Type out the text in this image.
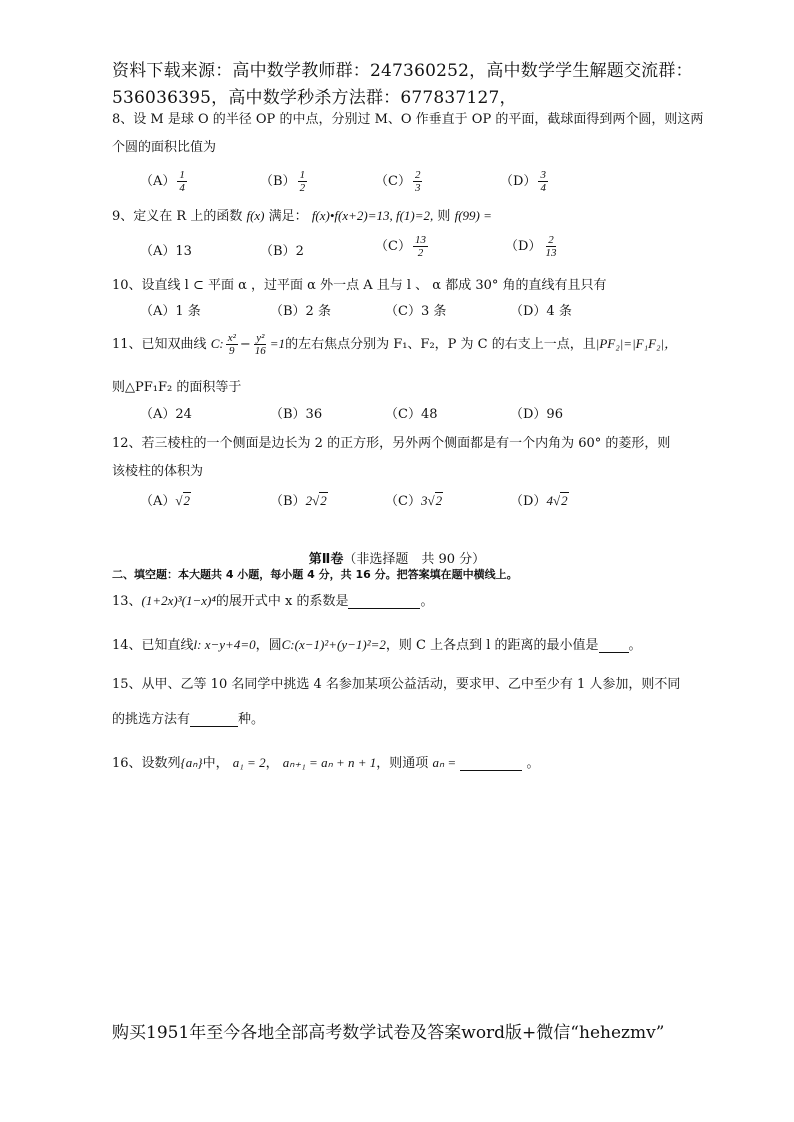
资料下载来源：高中数学教师群：247360252，高中数学学生解题交流群：
536036395，高中数学秒杀方法群：677837127，
8、设 M 是球 O 的半径 OP 的中点，分别过 M、O 作垂直于 OP 的平面，截球面得到两个圆，则这两
个圆的面积比值为
$(A) \frac{1}{4}$	$(B) \frac{1}{2}$	$(C) \frac{2}{3}$	$(D) \frac{3}{4}$
9、定义在 R 上的函数 f(x) 满足： f(x)•f(x+2)=13, f(1)=2, 则 f(99) =
（A）13	（B）2	$(C) \frac{13}{2}$	$(D) \frac{2}{13}$
10、设直线 l ⊂ 平面 α ，过平面 α 外一点 A 且与 l 、 α 都成 30° 角的直线有且只有
（A）1 条	（B）2 条	（C）3 条	（D）4 条
11、已知双曲线 C: $\frac{\text{x²}}{9} - \frac{\text{y²}}{16} =1$的左右焦点分别为 F₁、F₂，P 为 C 的右支上一点，且|PF₂|=|F₁F₂|，
则△PF₁F₂ 的面积等于
（A）24	（B）36	（C）48	（D）96
12、若三棱柱的一个侧面是边长为 2 的正方形，另外两个侧面都是有一个内角为 60° 的菱形，则
该棱柱的体积为
（A）√2	（B）2√2	（C）3√2	（D）4√2
第Ⅱ卷（非选择题　共 90 分）
二、填空题：本大题共 4 小题，每小题 4 分，共 16 分。把答案填在题中横线上。
13、(1+2x)³(1−x)⁴的展开式中 x 的系数是	。
14、已知直线l: x−y+4=0，圆C:(x−1)²+(y−1)²=2，则 C 上各点到 l 的距离的最小值是 。
15、从甲、乙等 10 名同学中挑选 4 名参加某项公益活动，要求甲、乙中至少有 1 人参加，则不同
的挑选方法有	种。
16、设数列{aₙ}中， a₁ = 2， aₙ₊₁ = aₙ + n + 1，则通项 aₙ =	。
购买1951年至今各地全部高考数学试卷及答案word版+微信“hehezmv”
